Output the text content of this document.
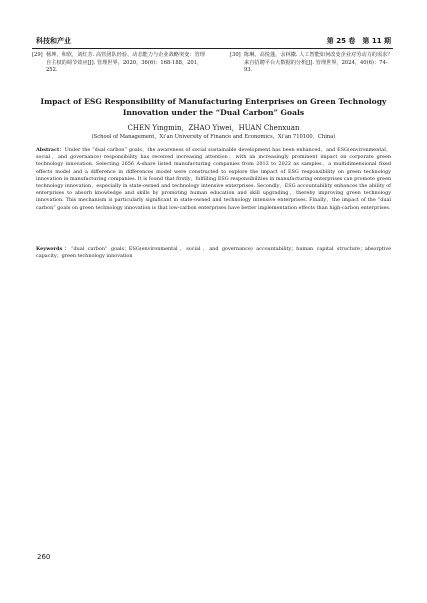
科技和产业	第 25 卷　第 11 期
[29] 杨坤，和欣，刘红芳. 高管团队经验、动态能力与企业战略突变：管理自主权的调节效应[J]. 管理世界，2020，36(6)：168-188，201，252.
[30] 陈琳，高悦蓬，余林徽. 人工智能如何改变企业对劳动力的需求？来自招聘平台大数据的分析[J]. 管理世界，2024，40(6)：74-93.
Impact of ESG Responsibility of Manufacturing Enterprises on Green Technology Innovation under the “Dual Carbon” Goals
CHEN Yingmin，ZHAO Yiwei，HUAN Chenxuan
(School of Management，Xi’an University of Finance and Economics，Xi’an 710100，China)
Abstract：Under the “dual carbon” goals，the awareness of social sustainable development has been enhanced，and ESG(environmental，social，and governance) responsibility has received increasing attention，with an increasingly prominent impact on corporate green technology innovation. Selecting 2656 A-share listed manufacturing companies from 2013 to 2022 as samples，a multidimensional fixed effects model and a difference in differences model were constructed to explore the impact of ESG responsibility on green technology innovation in manufacturing companies. It is found that firstly，fulfilling ESG responsibilities in manufacturing enterprises can promote green technology innovation，especially in state-owned and technology intensive enterprises. Secondly，ESG accountability enhances the ability of enterprises to absorb knowledge and skills by promoting human education and skill upgrading，thereby improving green technology innovation. This mechanism is particularly significant in state-owned and technology intensive enterprises. Finally，the impact of the “dual carbon” goals on green technology innovation is that low-carbon enterprises have better implementation effects than high-carbon enterprises.
Keywords：“dual carbon” goals；ESG(environmental，social，and governance) accountability；human capital structure；absorptive capacity；green technology innovation
260
